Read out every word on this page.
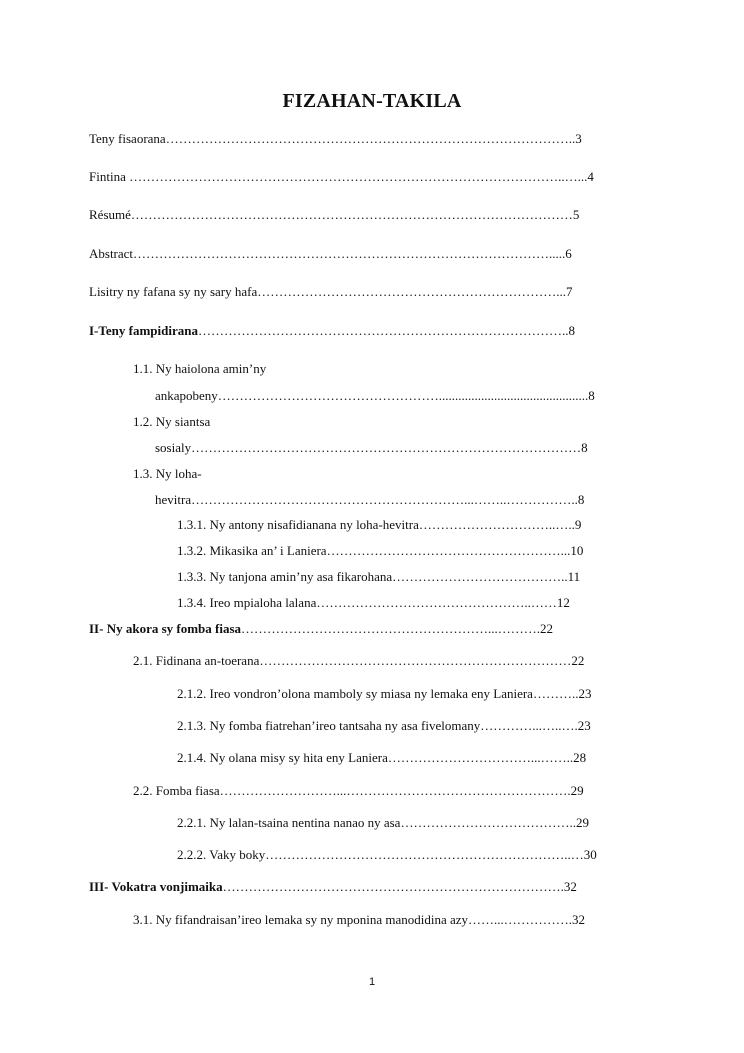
FIZAHAN-TAKILA
Teny fisaorana…………………………………………………………………………………..3
Fintina ………………………………………………………………………………………..…...4
Résumé…………………………………………………………………………………………5
Abstract…………………………………………………………………………………….....6
Lisitry ny fafana sy ny sary hafa……………………………………………………………...7
I-Teny fampidirana…………………………………………………………………………..8
1.1. Ny haiolona amin’ny
ankapobeny……………………………………………..............................................8
1.2. Ny siantsa
sosialy………………………………………………………………………………8
1.3. Ny loha-
hevitra………………………………………………………...……..……………..8
1.3.1. Ny antony nisafidianana ny loha-hevitra…………………………..…..9
1.3.2. Mikasika an’ i Laniera………………………………………………...10
1.3.3. Ny tanjona amin’ny asa fikarohana…………………………………..11
1.3.4. Ireo mpialoha lalana…………………………………………..……12
II- Ny akora sy fomba fiasa…………………………………………………...……….22
2.1. Fidinana an-toerana………………………………………………………………22
2.1.2. Ireo vondron’olona mamboly sy miasa ny lemaka eny Laniera………..23
2.1.3. Ny fomba fiatrehan’ireo tantsaha ny asa fivelomany…………...…..….23
2.1.4. Ny olana misy sy hita eny Laniera……………………………...……..28
2.2. Fomba fiasa………………………...…………………………………………….29
2.2.1. Ny lalan-tsaina nentina nanao ny asa…………………………………..29
2.2.2. Vaky boky……………………………………………………………..…30
III- Vokatra vonjimaika…………………………………………………………………….32
3.1. Ny fifandraisan’ireo lemaka sy ny mponina manodidina azy……...…………….32
1
